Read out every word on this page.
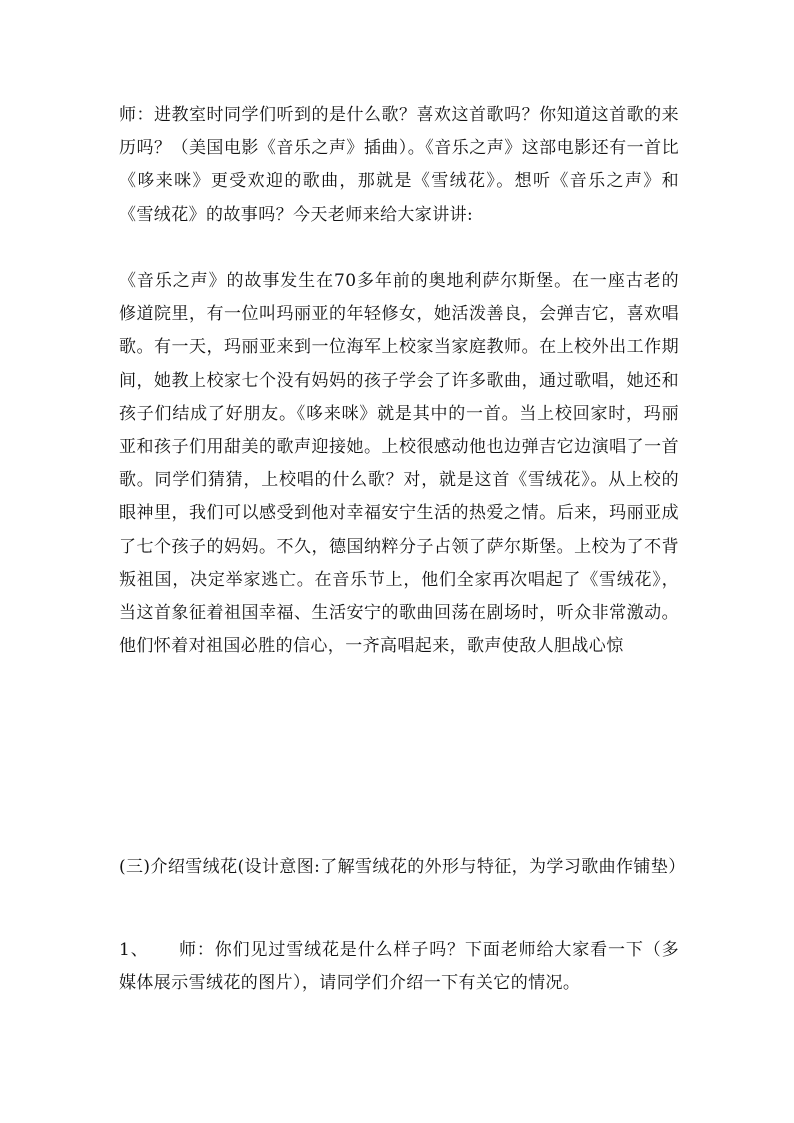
师：进教室时同学们听到的是什么歌？喜欢这首歌吗？你知道这首歌的来历吗？（美国电影《音乐之声》插曲）。《音乐之声》这部电影还有一首比《哆来咪》更受欢迎的歌曲，那就是《雪绒花》。想听《音乐之声》和《雪绒花》的故事吗？今天老师来给大家讲讲:

《音乐之声》的故事发生在70多年前的奥地利萨尔斯堡。在一座古老的修道院里，有一位叫玛丽亚的年轻修女，她活泼善良，会弹吉它，喜欢唱歌。有一天，玛丽亚来到一位海军上校家当家庭教师。在上校外出工作期间，她教上校家七个没有妈妈的孩子学会了许多歌曲，通过歌唱，她还和孩子们结成了好朋友。《哆来咪》就是其中的一首。当上校回家时，玛丽亚和孩子们用甜美的歌声迎接她。上校很感动他也边弹吉它边演唱了一首歌。同学们猜猜，上校唱的什么歌？对，就是这首《雪绒花》。从上校的眼神里，我们可以感受到他对幸福安宁生活的热爱之情。后来，玛丽亚成了七个孩子的妈妈。不久，德国纳粹分子占领了萨尔斯堡。上校为了不背叛祖国，决定举家逃亡。在音乐节上，他们全家再次唱起了《雪绒花》，当这首象征着祖国幸福、生活安宁的歌曲回荡在剧场时，听众非常激动。他们怀着对祖国必胜的信心，一齐高唱起来，歌声使敌人胆战心惊

(三)介绍雪绒花(设计意图:了解雪绒花的外形与特征，为学习歌曲作铺垫）

1、 师：你们见过雪绒花是什么样子吗？下面老师给大家看一下（多媒体展示雪绒花的图片），请同学们介绍一下有关它的情况。
